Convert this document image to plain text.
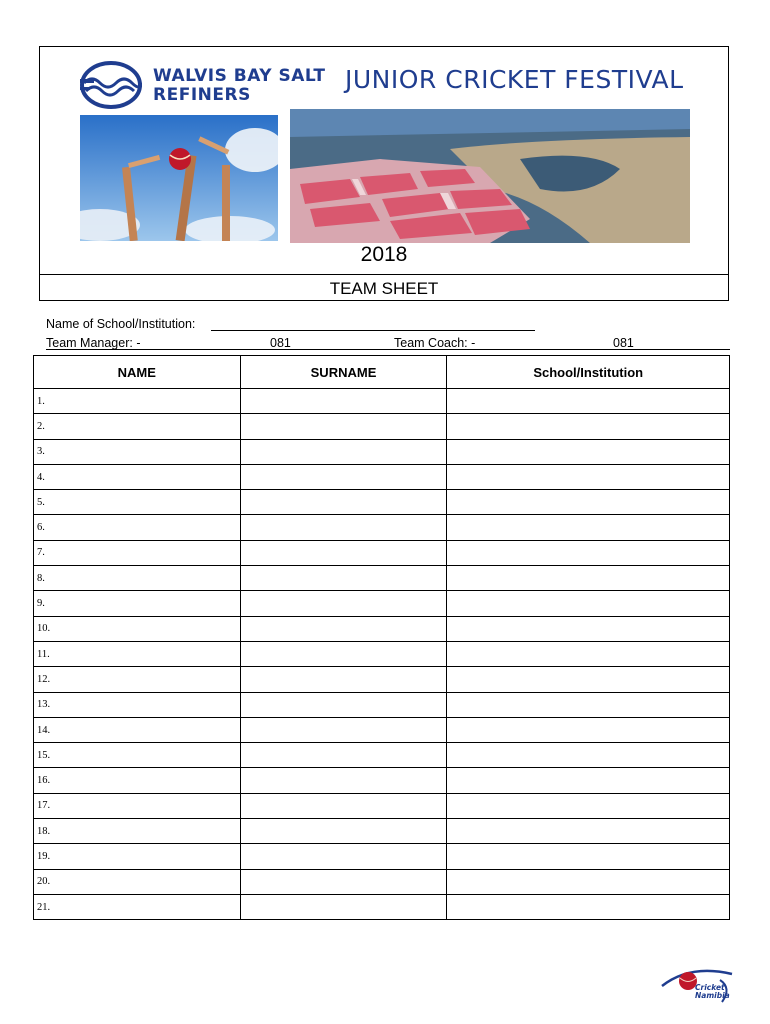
WALVIS BAY SALT
REFINERS
JUNIOR CRICKET FESTIVAL
2018
TEAM SHEET
Name of School/Institution:
Team Manager: -	081	Team Coach: -	081
NAME	SURNAME	School/Institution
1.		
2.		
3.		
4.		
5.		
6.		
7.		
8.		
9.		
10.		
11.		
12.		
13.		
14.		
15.		
16.		
17.		
18.		
19.		
20.		
21.		
Cricket
Namibia
